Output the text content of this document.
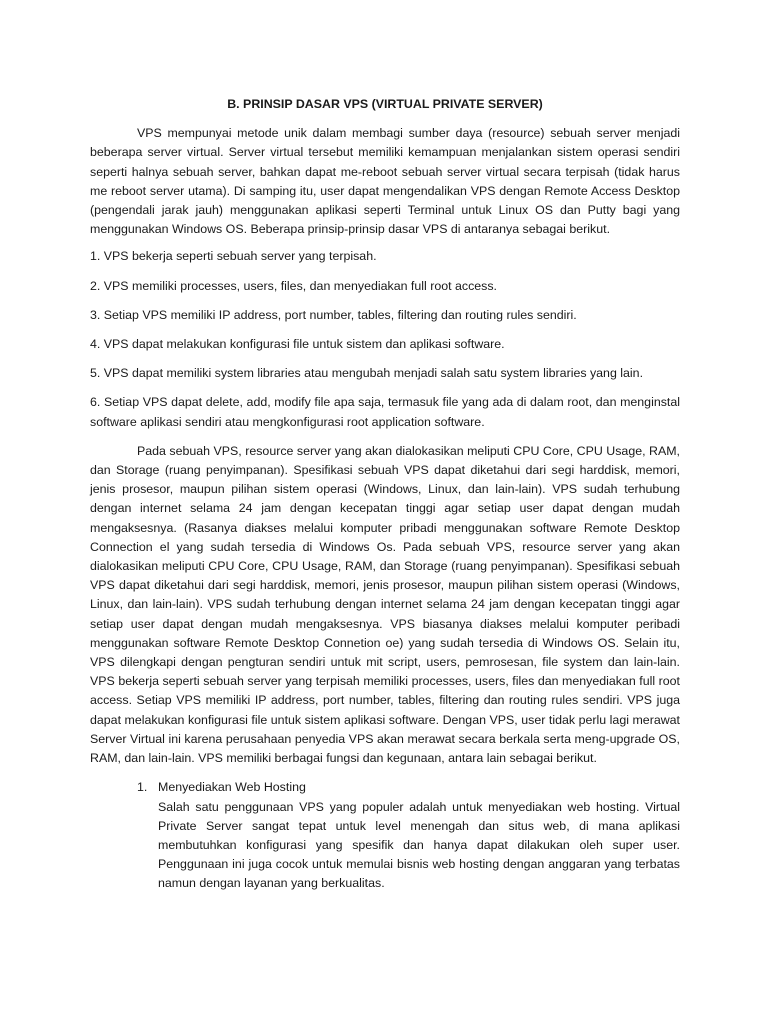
B. PRINSIP DASAR VPS (VIRTUAL PRIVATE SERVER)

VPS mempunyai metode unik dalam membagi sumber daya (resource) sebuah server menjadi beberapa server virtual. Server virtual tersebut memiliki kemampuan menjalankan sistem operasi sendiri seperti halnya sebuah server, bahkan dapat me-reboot sebuah server virtual secara terpisah (tidak harus me reboot server utama). Di samping itu, user dapat mengendalikan VPS dengan Remote Access Desktop (pengendali jarak jauh) menggunakan aplikasi seperti Terminal untuk Linux OS dan Putty bagi yang menggunakan Windows OS. Beberapa prinsip-prinsip dasar VPS di antaranya sebagai berikut.

1. VPS bekerja seperti sebuah server yang terpisah.

2. VPS memiliki processes, users, files, dan menyediakan full root access.

3. Setiap VPS memiliki IP address, port number, tables, filtering dan routing rules sendiri.

4. VPS dapat melakukan konfigurasi file untuk sistem dan aplikasi software.

5. VPS dapat memiliki system libraries atau mengubah menjadi salah satu system libraries yang lain.

6. Setiap VPS dapat delete, add, modify file apa saja, termasuk file yang ada di dalam root, dan menginstal software aplikasi sendiri atau mengkonfigurasi root application software.

Pada sebuah VPS, resource server yang akan dialokasikan meliputi CPU Core, CPU Usage, RAM, dan Storage (ruang penyimpanan). Spesifikasi sebuah VPS dapat diketahui dari segi harddisk, memori, jenis prosesor, maupun pilihan sistem operasi (Windows, Linux, dan lain-lain). VPS sudah terhubung dengan internet selama 24 jam dengan kecepatan tinggi agar setiap user dapat dengan mudah mengaksesnya. (Rasanya diakses melalui komputer pribadi menggunakan software Remote Desktop Connection el yang sudah tersedia di Windows Os. Pada sebuah VPS, resource server yang akan dialokasikan meliputi CPU Core, CPU Usage, RAM, dan Storage (ruang penyimpanan). Spesifikasi sebuah VPS dapat diketahui dari segi harddisk, memori, jenis prosesor, maupun pilihan sistem operasi (Windows, Linux, dan lain-lain). VPS sudah terhubung dengan internet selama 24 jam dengan kecepatan tinggi agar setiap user dapat dengan mudah mengaksesnya. VPS biasanya diakses melalui komputer peribadi menggunakan software Remote Desktop Connetion oe) yang sudah tersedia di Windows OS. Selain itu, VPS dilengkapi dengan pengturan sendiri untuk mit script, users, pemrosesan, file system dan lain-lain. VPS bekerja seperti sebuah server yang terpisah memiliki processes, users, files dan menyediakan full root access. Setiap VPS memiliki IP address, port number, tables, filtering dan routing rules sendiri. VPS juga dapat melakukan konfigurasi file untuk sistem aplikasi software. Dengan VPS, user tidak perlu lagi merawat Server Virtual ini karena perusahaan penyedia VPS akan merawat secara berkala serta meng-upgrade OS, RAM, dan lain-lain. VPS memiliki berbagai fungsi dan kegunaan, antara lain sebagai berikut.

1. Menyediakan Web Hosting

Salah satu penggunaan VPS yang populer adalah untuk menyediakan web hosting. Virtual Private Server sangat tepat untuk level menengah dan situs web, di mana aplikasi membutuhkan konfigurasi yang spesifik dan hanya dapat dilakukan oleh super user. Penggunaan ini juga cocok untuk memulai bisnis web hosting dengan anggaran yang terbatas namun dengan layanan yang berkualitas.
